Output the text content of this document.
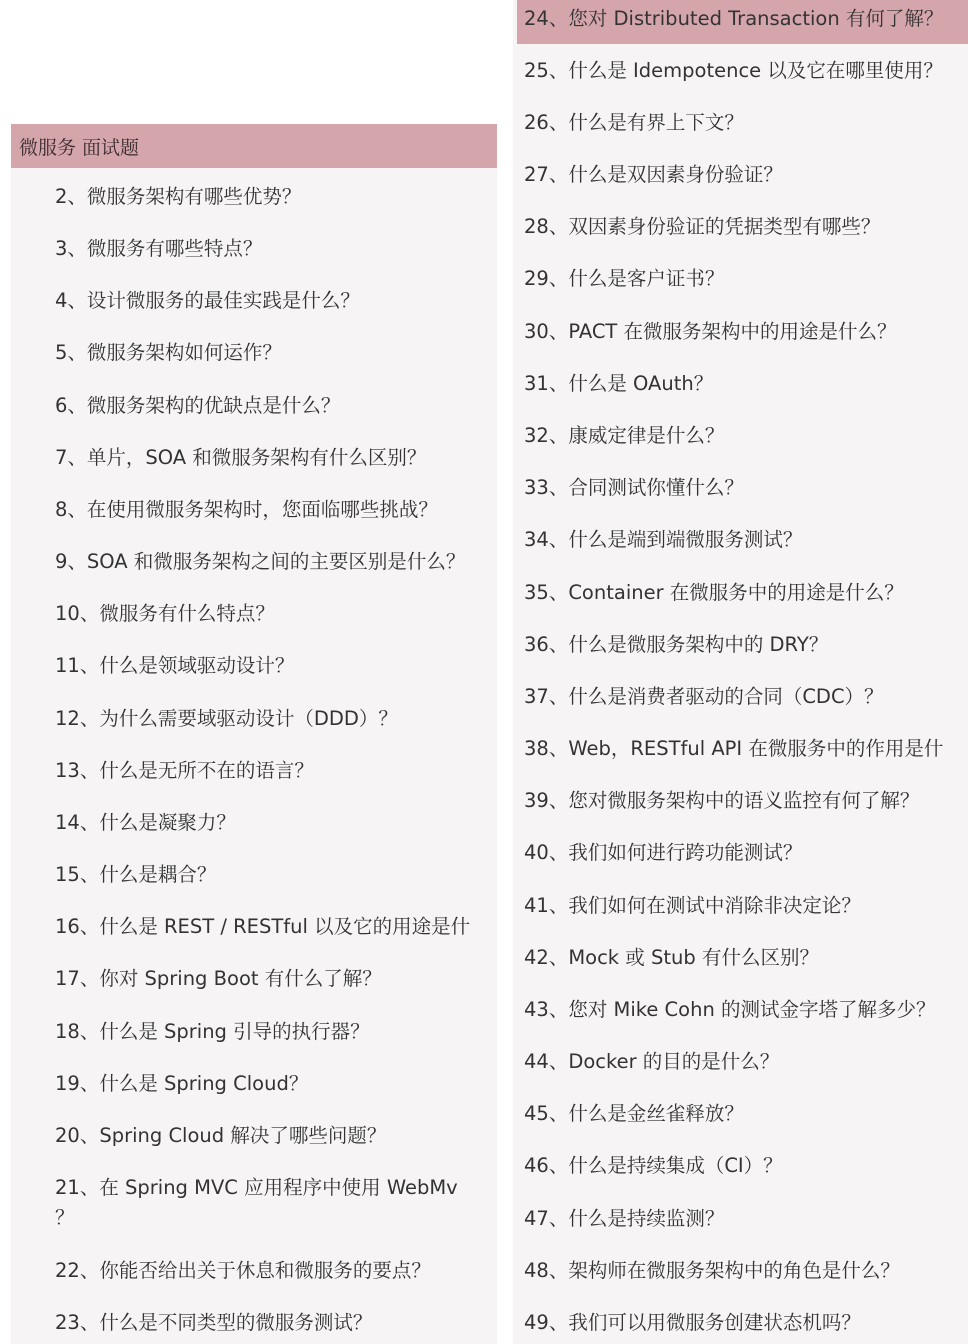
微服务 面试题
2、微服务架构有哪些优势？
3、微服务有哪些特点？
4、设计微服务的最佳实践是什么？
5、微服务架构如何运作？
6、微服务架构的优缺点是什么？
7、单片，SOA 和微服务架构有什么区别？
8、在使用微服务架构时，您面临哪些挑战？
9、SOA 和微服务架构之间的主要区别是什么？
10、微服务有什么特点？
11、什么是领域驱动设计？
12、为什么需要域驱动设计（DDD）？
13、什么是无所不在的语言？
14、什么是凝聚力？
15、什么是耦合？
16、什么是 REST / RESTful 以及它的用途是什
17、你对 Spring Boot 有什么了解？
18、什么是 Spring 引导的执行器？
19、什么是 Spring Cloud？
20、Spring Cloud 解决了哪些问题？
21、在 Spring MVC 应用程序中使用 WebMv
？
22、你能否给出关于休息和微服务的要点？
23、什么是不同类型的微服务测试？
24、您对 Distributed Transaction 有何了解？
25、什么是 Idempotence 以及它在哪里使用？
26、什么是有界上下文？
27、什么是双因素身份验证？
28、双因素身份验证的凭据类型有哪些？
29、什么是客户证书？
30、PACT 在微服务架构中的用途是什么？
31、什么是 OAuth？
32、康威定律是什么？
33、合同测试你懂什么？
34、什么是端到端微服务测试？
35、Container 在微服务中的用途是什么？
36、什么是微服务架构中的 DRY？
37、什么是消费者驱动的合同（CDC）？
38、Web，RESTful API 在微服务中的作用是什
39、您对微服务架构中的语义监控有何了解？
40、我们如何进行跨功能测试？
41、我们如何在测试中消除非决定论？
42、Mock 或 Stub 有什么区别？
43、您对 Mike Cohn 的测试金字塔了解多少？
44、Docker 的目的是什么？
45、什么是金丝雀释放？
46、什么是持续集成（CI）？
47、什么是持续监测？
48、架构师在微服务架构中的角色是什么？
49、我们可以用微服务创建状态机吗？
